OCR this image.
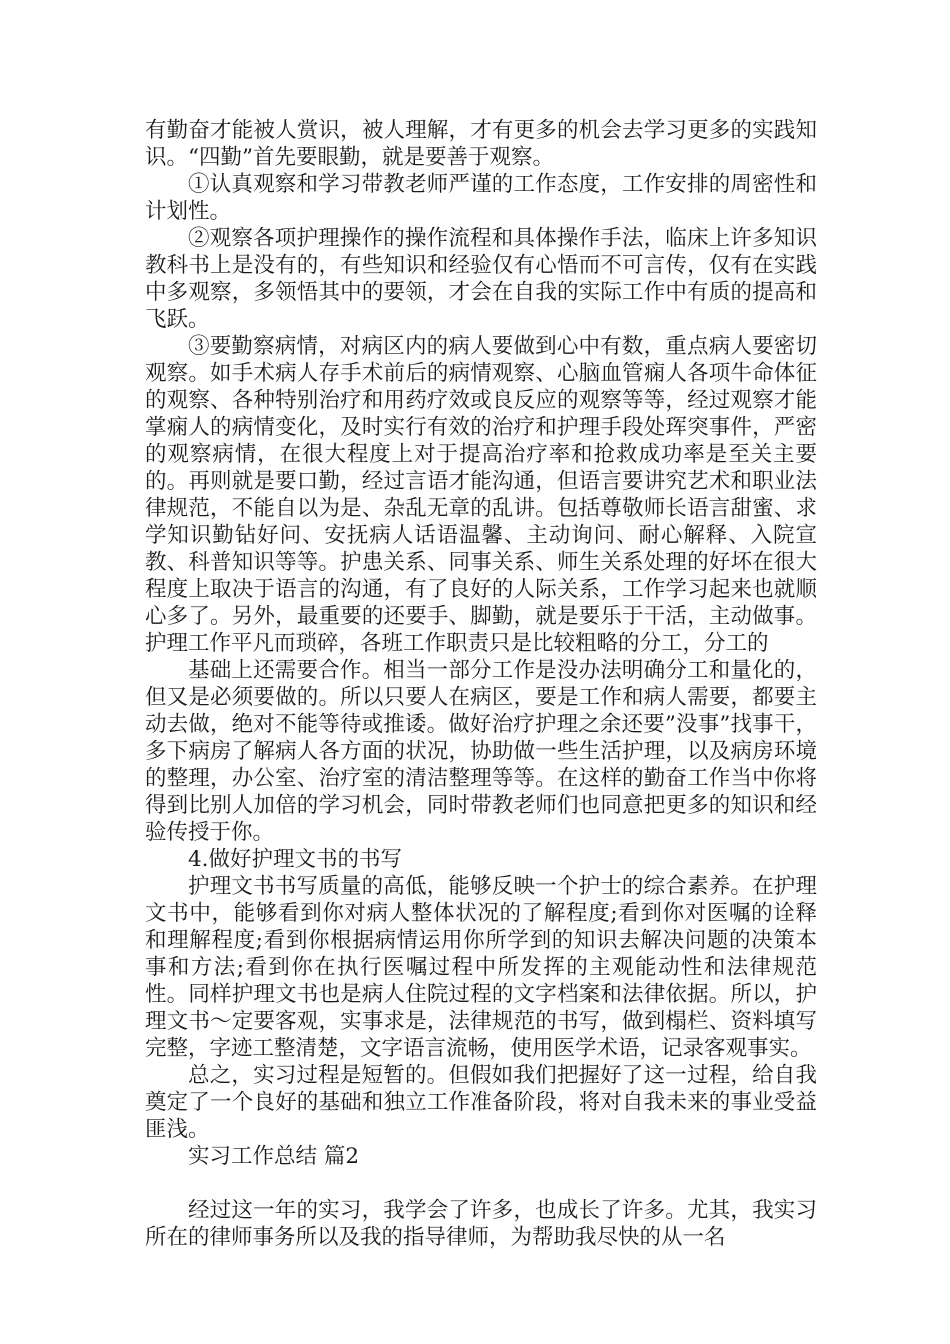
有勤奋才能被人赏识，被人理解，才有更多的机会去学习更多的实践知识。“四勤”首先要眼勤，就是要善于观察。

①认真观察和学习带教老师严谨的工作态度，工作安排的周密性和计划性。

②观察各项护理操作的操作流程和具体操作手法，临床上许多知识教科书上是没有的，有些知识和经验仅有心悟而不可言传，仅有在实践中多观察，多领悟其中的要领，才会在自我的实际工作中有质的提高和飞跃。

③要勤察病情，对病区内的病人要做到心中有数，重点病人要密切观察。如手术病人存手术前后的病情观察、心脑血管痫人各项牛命体征的观察、各种特别治疗和用药疗效或良反应的观察等等，经过观察才能掌痫人的病情变化，及时实行有效的治疗和护理手段处珲突事件，严密的观察病情，在很大程度上对于提高治疗率和抢救成功率是至关主要的。再则就是要口勤，经过言语才能沟通，但语言要讲究艺术和职业法律规范，不能自以为是、杂乱无章的乱讲。包括尊敬师长语言甜蜜、求学知识勤钻好问、安抚病人话语温馨、主动询问、耐心解释、入院宣教、科普知识等等。护患关系、同事关系、师生关系处理的好坏在很大程度上取决于语言的沟通，有了良好的人际关系，工作学习起来也就顺心多了。另外，最重要的还要手、脚勤，就是要乐于干活，主动做事。护理工作平凡而琐碎，各班工作职责只是比较粗略的分工，分工的

基础上还需要合作。相当一部分工作是没办法明确分工和量化的，但又是必须要做的。所以只要人在病区，要是工作和病人需要，都要主动去做，绝对不能等待或推诿。做好治疗护理之余还要”没事”找事干，多下病房了解病人各方面的状况，协助做一些生活护理，以及病房环境的整理，办公室、治疗室的清洁整理等等。在这样的勤奋工作当中你将得到比别人加倍的学习机会，同时带教老师们也同意把更多的知识和经验传授于你。

4.做好护理文书的书写

护理文书书写质量的高低，能够反映一个护士的综合素养。在护理文书中，能够看到你对病人整体状况的了解程度;看到你对医嘱的诠释和理解程度;看到你根据病情运用你所学到的知识去解决问题的决策本事和方法;看到你在执行医嘱过程中所发挥的主观能动性和法律规范性。同样护理文书也是病人住院过程的文字档案和法律依据。所以，护理文书～定要客观，实事求是，法律规范的书写，做到榻栏、资料填写完整，字迹工整清楚，文字语言流畅，使用医学术语，记录客观事实。

总之，实习过程是短暂的。但假如我们把握好了这一过程，给自我奠定了一个良好的基础和独立工作准备阶段，将对自我未来的事业受益匪浅。

实习工作总结 篇2

经过这一年的实习，我学会了许多，也成长了许多。尤其，我实习所在的律师事务所以及我的指导律师，为帮助我尽快的从一名
